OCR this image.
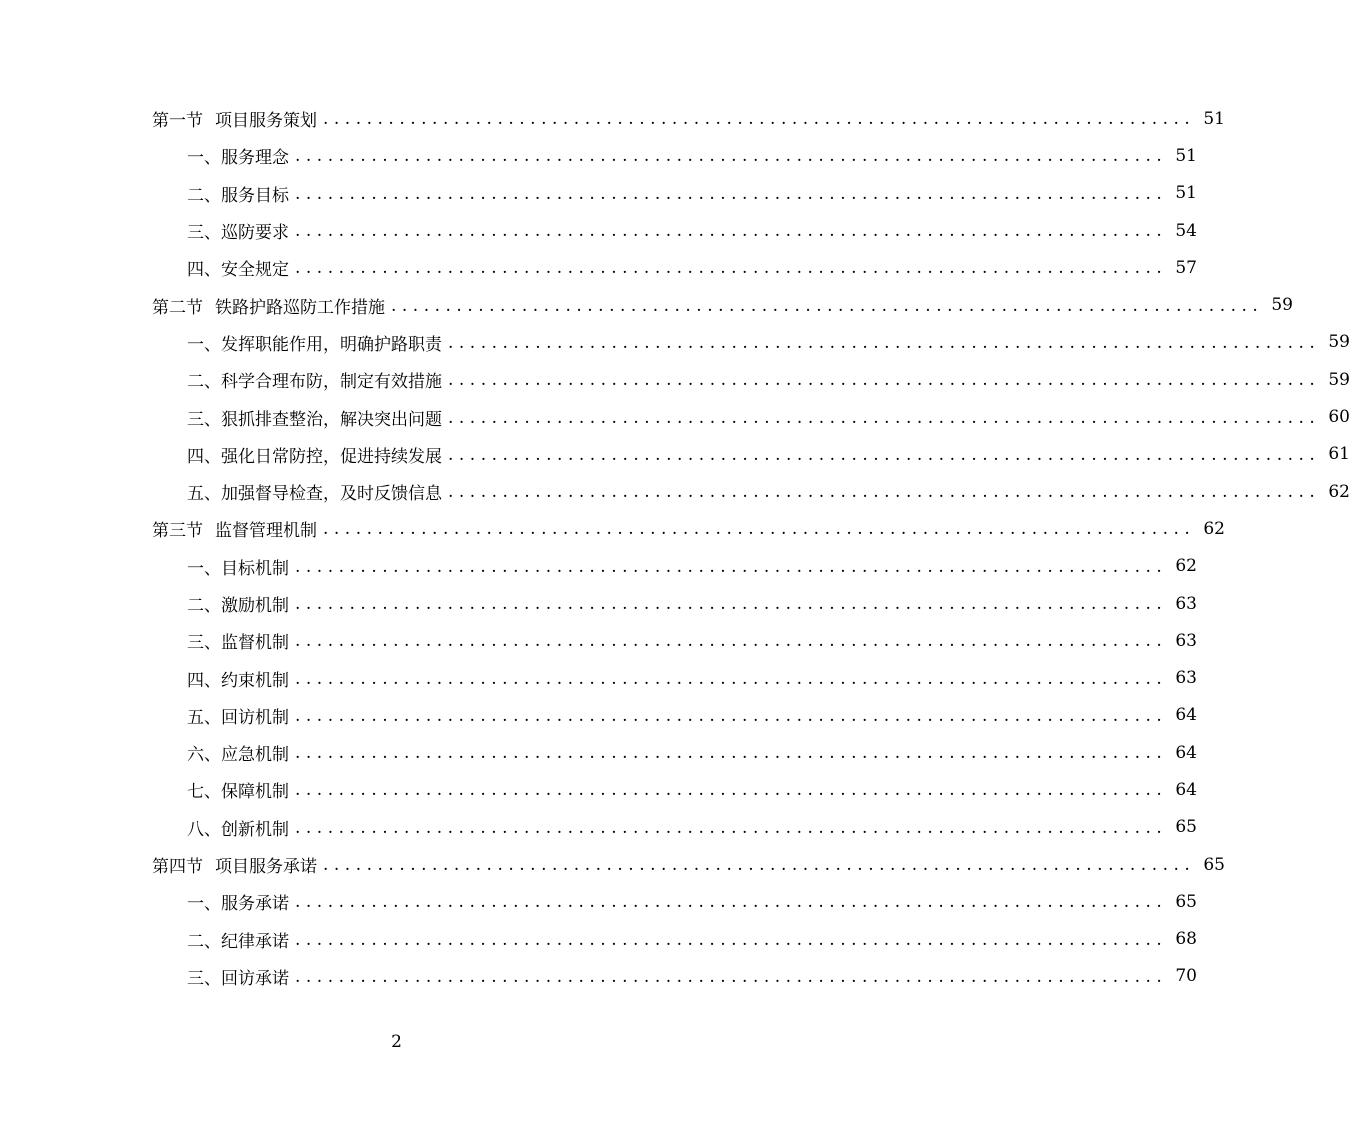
第一节 项目服务策划 ................................................................................ 51
一、 服务理念 ................................................................................ 51
二、 服务目标 ................................................................................ 51
三、 巡防要求 ................................................................................ 54
四、 安全规定 ................................................................................ 57
第二节 铁路护路巡防工作措施 ................................................................................ 59
一、 发挥职能作用，明确护路职责 ................................................................................ 59
二、 科学合理布防，制定有效措施 ................................................................................ 59
三、 狠抓排查整治，解决突出问题 ................................................................................ 60
四、 强化日常防控，促进持续发展 ................................................................................ 61
五、 加强督导检查，及时反馈信息 ................................................................................ 62
第三节 监督管理机制 ................................................................................ 62
一、 目标机制 ................................................................................ 62
二、 激励机制 ................................................................................ 63
三、 监督机制 ................................................................................ 63
四、 约束机制 ................................................................................ 63
五、 回访机制 ................................................................................ 64
六、 应急机制 ................................................................................ 64
七、 保障机制 ................................................................................ 64
八、 创新机制 ................................................................................ 65
第四节 项目服务承诺 ................................................................................ 65
一、 服务承诺 ................................................................................ 65
二、 纪律承诺 ................................................................................ 68
三、 回访承诺 ................................................................................ 70
2
